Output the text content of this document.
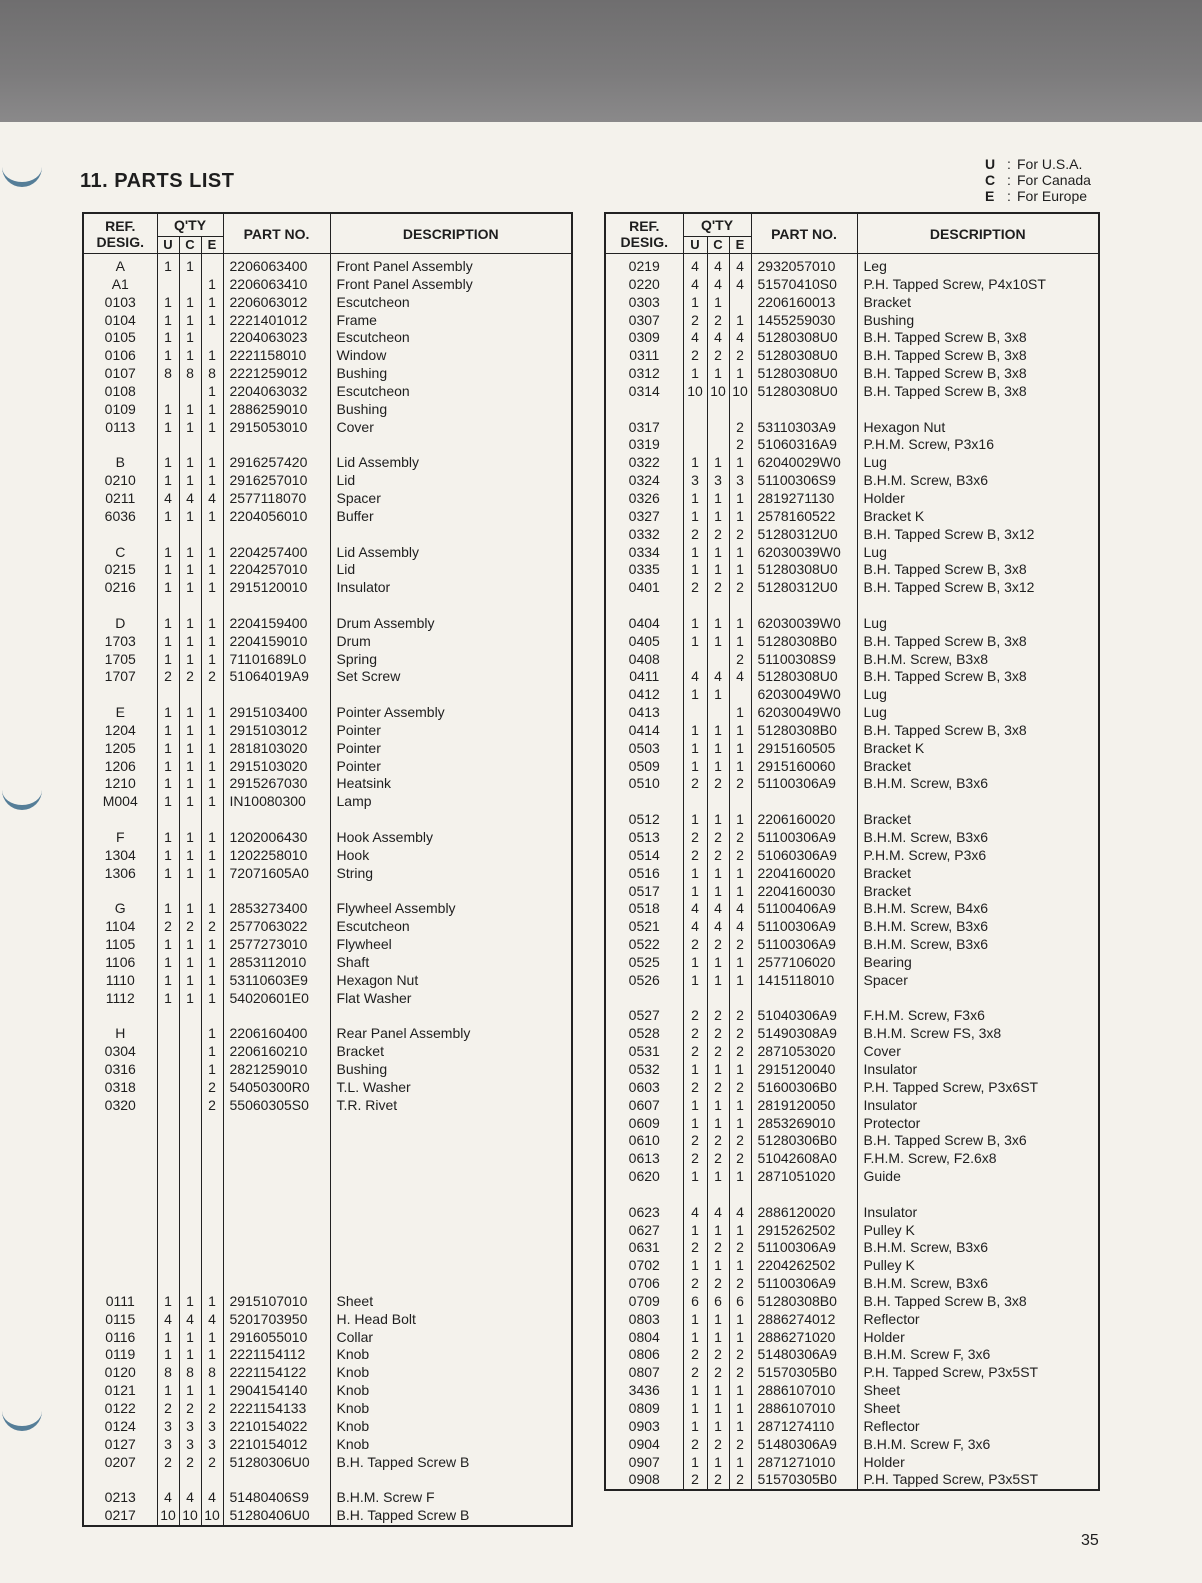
11. PARTS LIST
U : For U.S.A.
C : For Canada
E : For Europe
REF.
DESIG.	Q'TY			PART NO.	DESCRIPTION
	U	C	E		
A	1	1		2206063400	Front Panel Assembly
A1			1	2206063410	Front Panel Assembly
0103	1	1	1	2206063012	Escutcheon
0104	1	1	1	2221401012	Frame
0105	1	1		2204063023	Escutcheon
0106	1	1	1	2221158010	Window
0107	8	8	8	2221259012	Bushing
0108			1	2204063032	Escutcheon
0109	1	1	1	2886259010	Bushing
0113	1	1	1	2915053010	Cover

B	1	1	1	2916257420	Lid Assembly
0210	1	1	1	2916257010	Lid
0211	4	4	4	2577118070	Spacer
6036	1	1	1	2204056010	Buffer

C	1	1	1	2204257400	Lid Assembly
0215	1	1	1	2204257010	Lid
0216	1	1	1	2915120010	Insulator

D	1	1	1	2204159400	Drum Assembly
1703	1	1	1	2204159010	Drum
1705	1	1	1	71101689L0	Spring
1707	2	2	2	51064019A9	Set Screw

E	1	1	1	2915103400	Pointer Assembly
1204	1	1	1	2915103012	Pointer
1205	1	1	1	2818103020	Pointer
1206	1	1	1	2915103020	Pointer
1210	1	1	1	2915267030	Heatsink
M004	1	1	1	IN10080300	Lamp

F	1	1	1	1202006430	Hook Assembly
1304	1	1	1	1202258010	Hook
1306	1	1	1	72071605A0	String

G	1	1	1	2853273400	Flywheel Assembly
1104	2	2	2	2577063022	Escutcheon
1105	1	1	1	2577273010	Flywheel
1106	1	1	1	2853112010	Shaft
1110	1	1	1	53110603E9	Hexagon Nut
1112	1	1	1	54020601E0	Flat Washer

H			1	2206160400	Rear Panel Assembly
0304			1	2206160210	Bracket
0316			1	2821259010	Bushing
0318			2	54050300R0	T.L. Washer
0320			2	55060305S0	T.R. Rivet

0111	1	1	1	2915107010	Sheet
0115	4	4	4	5201703950	H. Head Bolt
0116	1	1	1	2916055010	Collar
0119	1	1	1	2221154112	Knob
0120	8	8	8	2221154122	Knob
0121	1	1	1	2904154140	Knob
0122	2	2	2	2221154133	Knob
0124	3	3	3	2210154022	Knob
0127	3	3	3	2210154012	Knob
0207	2	2	2	51280306U0	B.H. Tapped Screw B

0213	4	4	4	51480406S9	B.H.M. Screw F
0217	10	10	10	51280406U0	B.H. Tapped Screw B
REF.
DESIG.	Q'TY			PART NO.	DESCRIPTION
	U	C	E		
0219	4	4	4	2932057010	Leg
0220	4	4	4	51570410S0	P.H. Tapped Screw, P4x10ST
0303	1	1		2206160013	Bracket
0307	2	2	1	1455259030	Bushing
0309	4	4	4	51280308U0	B.H. Tapped Screw B, 3x8
0311	2	2	2	51280308U0	B.H. Tapped Screw B, 3x8
0312	1	1	1	51280308U0	B.H. Tapped Screw B, 3x8
0314	10	10	10	51280308U0	B.H. Tapped Screw B, 3x8

0317			2	53110303A9	Hexagon Nut
0319			2	51060316A9	P.H.M. Screw, P3x16
0322	1	1	1	62040029W0	Lug
0324	3	3	3	51100306S9	B.H.M. Screw, B3x6
0326	1	1	1	2819271130	Holder
0327	1	1	1	2578160522	Bracket K
0332	2	2	2	51280312U0	B.H. Tapped Screw B, 3x12
0334	1	1	1	62030039W0	Lug
0335	1	1	1	51280308U0	B.H. Tapped Screw B, 3x8
0401	2	2	2	51280312U0	B.H. Tapped Screw B, 3x12

0404	1	1	1	62030039W0	Lug
0405	1	1	1	51280308B0	B.H. Tapped Screw B, 3x8
0408			2	51100308S9	B.H.M. Screw, B3x8
0411	4	4	4	51280308U0	B.H. Tapped Screw B, 3x8
0412	1	1		62030049W0	Lug
0413			1	62030049W0	Lug
0414	1	1	1	51280308B0	B.H. Tapped Screw B, 3x8
0503	1	1	1	2915160505	Bracket K
0509	1	1	1	2915160060	Bracket
0510	2	2	2	51100306A9	B.H.M. Screw, B3x6

0512	1	1	1	2206160020	Bracket
0513	2	2	2	51100306A9	B.H.M. Screw, B3x6
0514	2	2	2	51060306A9	P.H.M. Screw, P3x6
0516	1	1	1	2204160020	Bracket
0517	1	1	1	2204160030	Bracket
0518	4	4	4	51100406A9	B.H.M. Screw, B4x6
0521	4	4	4	51100306A9	B.H.M. Screw, B3x6
0522	2	2	2	51100306A9	B.H.M. Screw, B3x6
0525	1	1	1	2577106020	Bearing
0526	1	1	1	1415118010	Spacer

0527	2	2	2	51040306A9	F.H.M. Screw, F3x6
0528	2	2	2	51490308A9	B.H.M. Screw FS, 3x8
0531	2	2	2	2871053020	Cover
0532	1	1	1	2915120040	Insulator
0603	2	2	2	51600306B0	P.H. Tapped Screw, P3x6ST
0607	1	1	1	2819120050	Insulator
0609	1	1	1	2853269010	Protector
0610	2	2	2	51280306B0	B.H. Tapped Screw B, 3x6
0613	2	2	2	51042608A0	F.H.M. Screw, F2.6x8
0620	1	1	1	2871051020	Guide

0623	4	4	4	2886120020	Insulator
0627	1	1	1	2915262502	Pulley K
0631	2	2	2	51100306A9	B.H.M. Screw, B3x6
0702	1	1	1	2204262502	Pulley K
0706	2	2	2	51100306A9	B.H.M. Screw, B3x6
0709	6	6	6	51280308B0	B.H. Tapped Screw B, 3x8
0803	1	1	1	2886274012	Reflector
0804	1	1	1	2886271020	Holder
0806	2	2	2	51480306A9	B.H.M. Screw F, 3x6
0807	2	2	2	51570305B0	P.H. Tapped Screw, P3x5ST
3436	1	1	1	2886107010	Sheet
0809	1	1	1	2886107010	Sheet
0903	1	1	1	2871274110	Reflector
0904	2	2	2	51480306A9	B.H.M. Screw F, 3x6
0907	1	1	1	2871271010	Holder
0908	2	2	2	51570305B0	P.H. Tapped Screw, P3x5ST
35
